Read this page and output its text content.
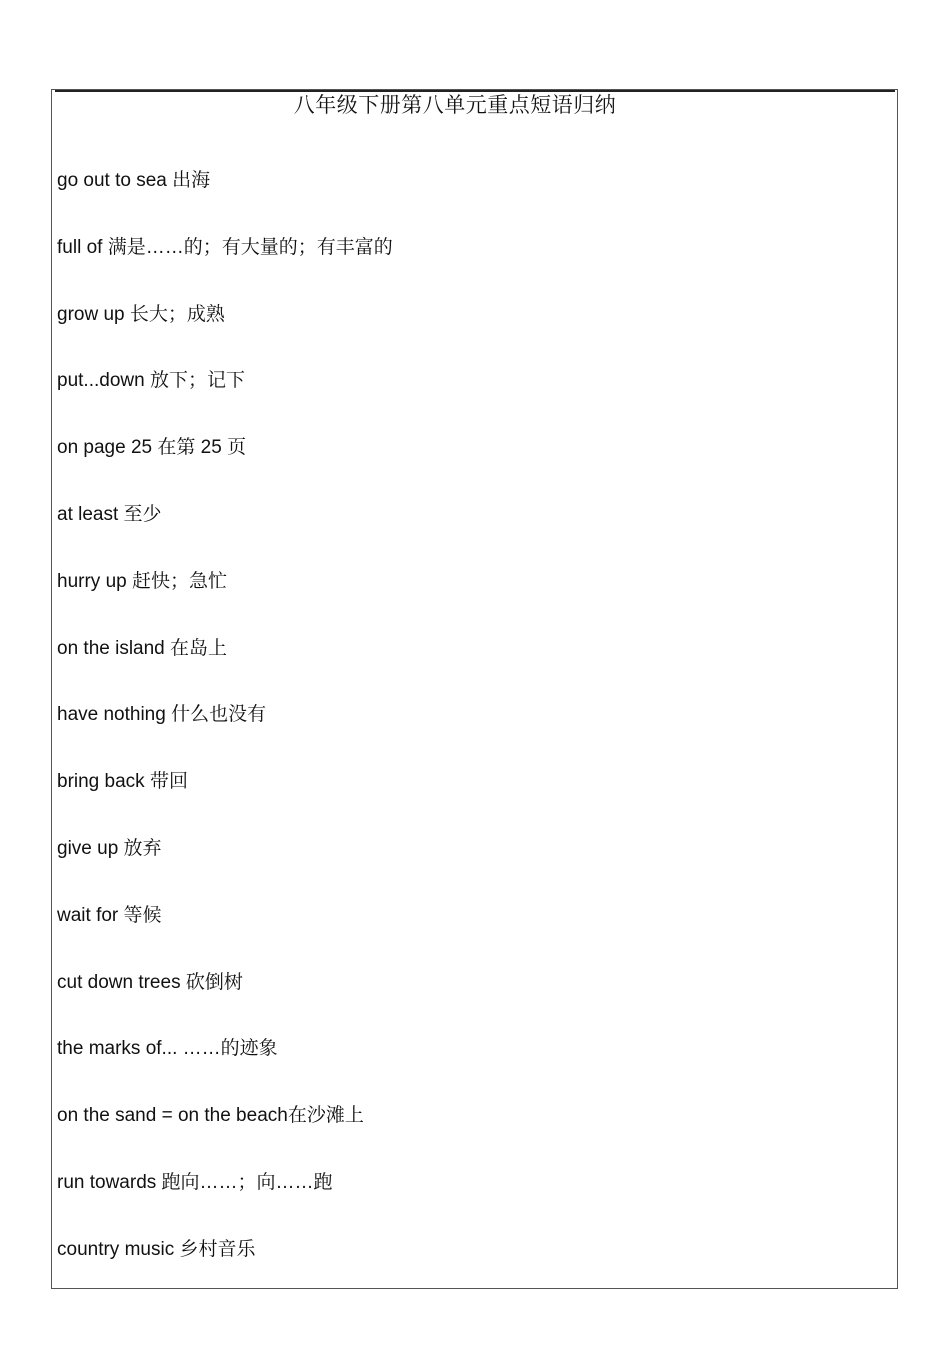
八年级下册第八单元重点短语归纳
go out to sea 出海
full of 满是……的；有大量的；有丰富的
grow up 长大；成熟
put...down 放下；记下
on page 25 在第 25 页
at least 至少
hurry up 赶快；急忙
on the island 在岛上
have nothing 什么也没有
bring back 带回
give up 放弃
wait for 等候
cut down trees 砍倒树
the marks of... ……的迹象
on the sand = on the beach在沙滩上
run towards 跑向……；向……跑
country music 乡村音乐
